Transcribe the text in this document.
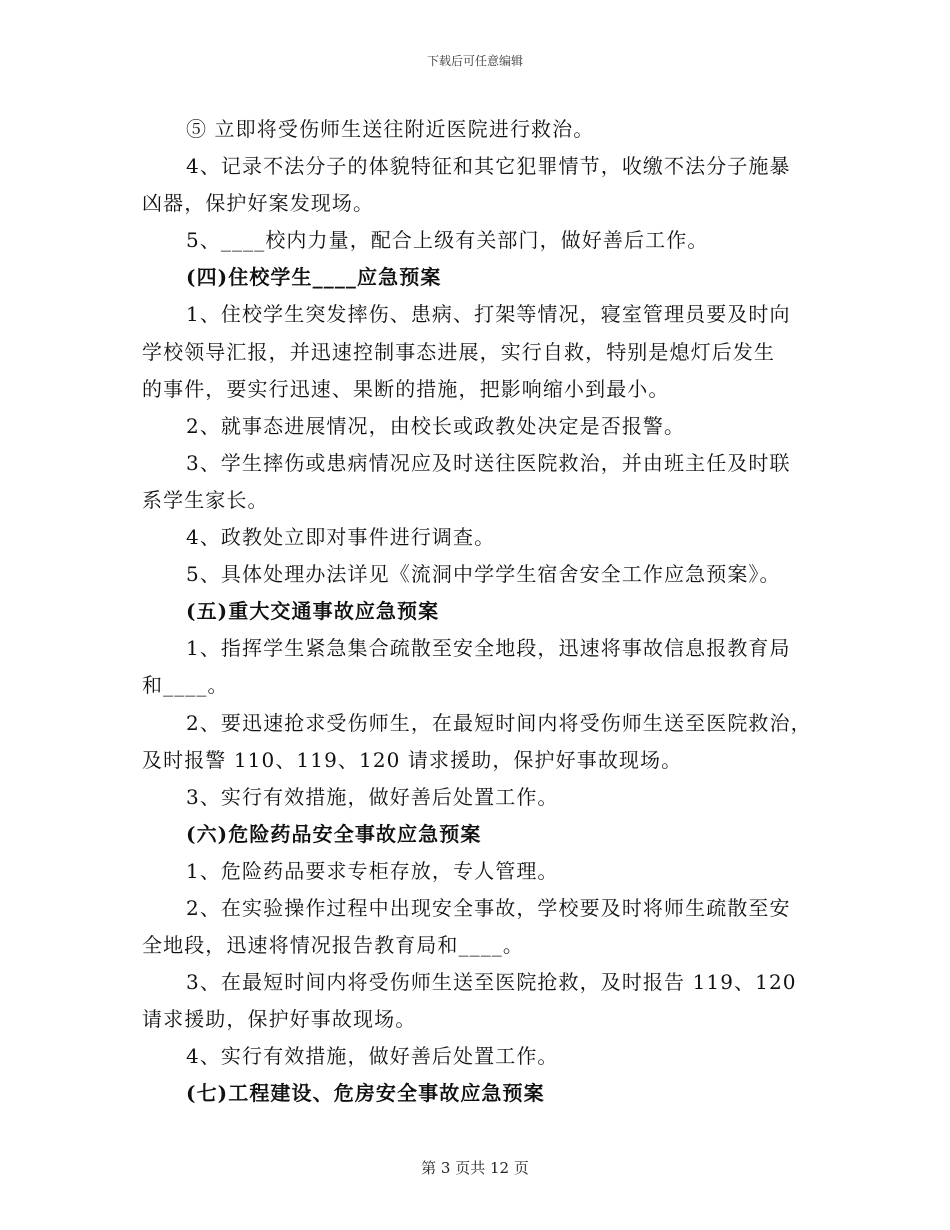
下载后可任意编辑
⑤ 立即将受伤师生送往附近医院进行救治。
4、记录不法分子的体貌特征和其它犯罪情节，收缴不法分子施暴
凶器，保护好案发现场。
5、____校内力量，配合上级有关部门，做好善后工作。
(四)住校学生____应急预案
1、住校学生突发摔伤、患病、打架等情况，寝室管理员要及时向
学校领导汇报，并迅速控制事态进展，实行自救，特别是熄灯后发生
的事件，要实行迅速、果断的措施，把影响缩小到最小。
2、就事态进展情况，由校长或政教处决定是否报警。
3、学生摔伤或患病情况应及时送往医院救治，并由班主任及时联
系学生家长。
4、政教处立即对事件进行调查。
5、具体处理办法详见《流洞中学学生宿舍安全工作应急预案》。
(五)重大交通事故应急预案
1、指挥学生紧急集合疏散至安全地段，迅速将事故信息报教育局
和____。
2、要迅速抢求受伤师生，在最短时间内将受伤师生送至医院救治，
及时报警 110、119、120 请求援助，保护好事故现场。
3、实行有效措施，做好善后处置工作。
(六)危险药品安全事故应急预案
1、危险药品要求专柜存放，专人管理。
2、在实验操作过程中出现安全事故，学校要及时将师生疏散至安
全地段，迅速将情况报告教育局和____。
3、在最短时间内将受伤师生送至医院抢救，及时报告 119、120
请求援助，保护好事故现场。
4、实行有效措施，做好善后处置工作。
(七)工程建设、危房安全事故应急预案
第 3 页共 12 页
